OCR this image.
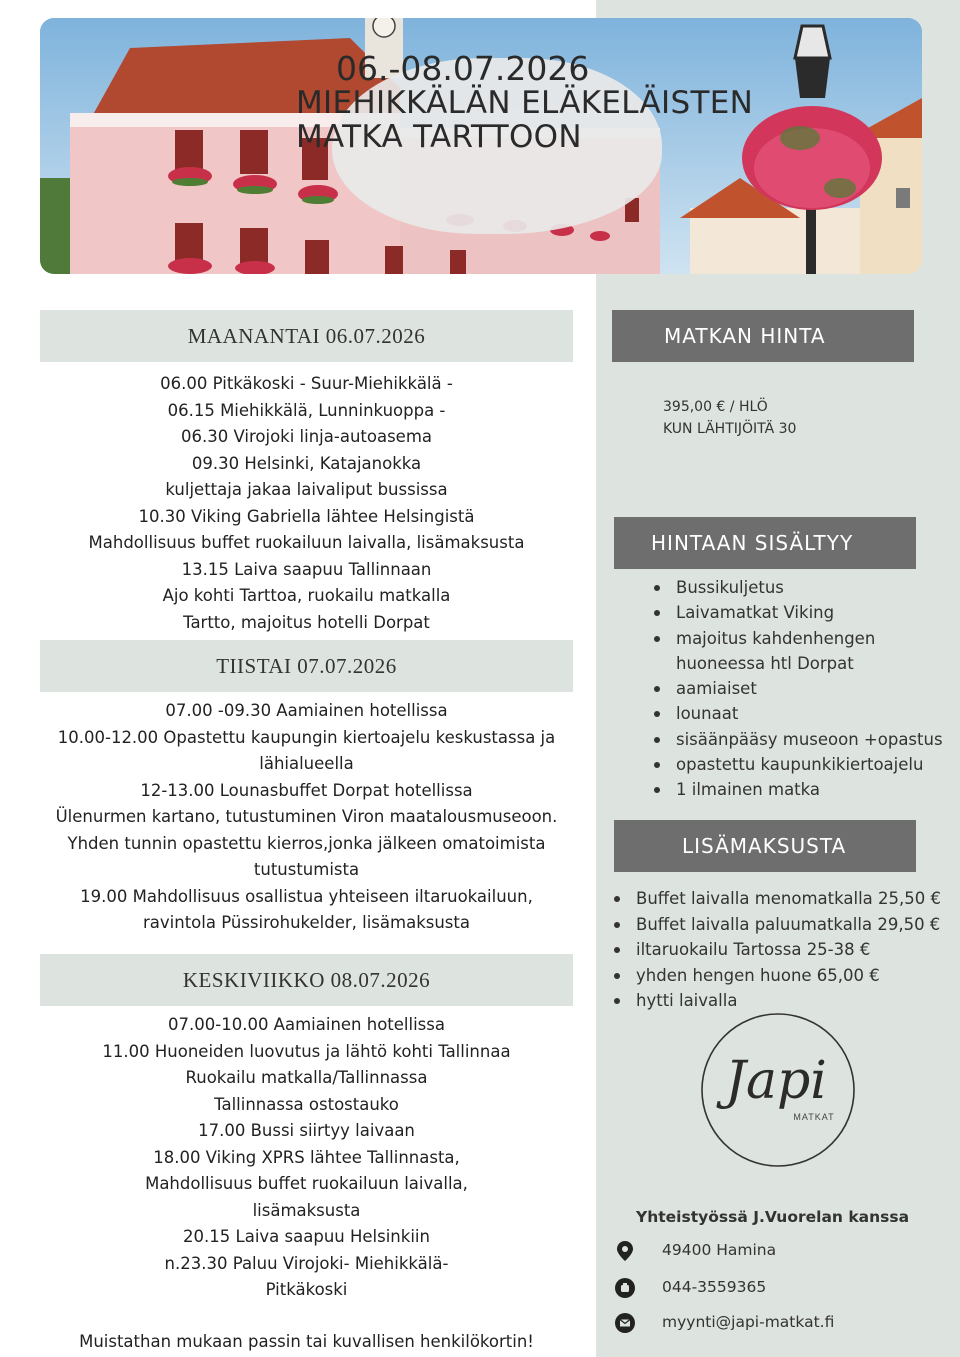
06.-08.07.2026
MIEHIKKÄLÄN ELÄKELÄISTEN
MATKA TARTTOON
MAANANTAI 06.07.2026
06.00 Pitkäkoski - Suur-Miehikkälä -
06.15 Miehikkälä, Lunninkuoppa -
06.30 Virojoki linja-autoasema
09.30 Helsinki, Katajanokka
kuljettaja jakaa laivaliput bussissa
10.30 Viking Gabriella lähtee Helsingistä
Mahdollisuus buffet ruokailuun laivalla, lisämaksusta
13.15 Laiva saapuu Tallinnaan
Ajo kohti Tarttoa, ruokailu matkalla
Tartto, majoitus hotelli Dorpat
TIISTAI 07.07.2026
07.00 -09.30 Aamiainen hotellissa
10.00-12.00 Opastettu kaupungin kiertoajelu keskustassa ja
lähialueella
12-13.00 Lounasbuffet Dorpat hotellissa
Ülenurmen kartano, tutustuminen Viron maatalousmuseoon.
Yhden tunnin opastettu kierros,jonka jälkeen omatoimista
tutustumista
19.00 Mahdollisuus osallistua yhteiseen iltaruokailuun,
ravintola Püssirohukelder, lisämaksusta
KESKIVIIKKO 08.07.2026
07.00-10.00 Aamiainen hotellissa
11.00 Huoneiden luovutus ja lähtö kohti Tallinnaa
Ruokailu matkalla/Tallinnassa
Tallinnassa ostostauko
17.00 Bussi siirtyy laivaan
18.00 Viking XPRS lähtee Tallinnasta,
Mahdollisuus buffet ruokailuun laivalla,
lisämaksusta
20.15 Laiva saapuu Helsinkiin
n.23.30 Paluu Virojoki- Miehikkälä-
Pitkäkoski
Muistathan mukaan passin tai kuvallisen henkilökortin!
MATKAN HINTA
395,00 € / HLÖ
KUN LÄHTIJÖITÄ 30
HINTAAN SISÄLTYY
Bussikuljetus
Laivamatkat Viking
majoitus kahdenhengen
huoneessa htl Dorpat
aamiaiset
lounaat
sisäänpääsy museoon +opastus
opastettu kaupunkikiertoajelu
1 ilmainen matka
LISÄMAKSUSTA
Buffet laivalla menomatkalla 25,50 €
Buffet laivalla paluumatkalla 29,50 €
iltaruokailu Tartossa 25-38 €
yhden hengen huone 65,00 €
hytti laivalla
Japi
MATKAT
Yhteistyössä J.Vuorelan kanssa
49400 Hamina
044-3559365
myynti@japi-matkat.fi
